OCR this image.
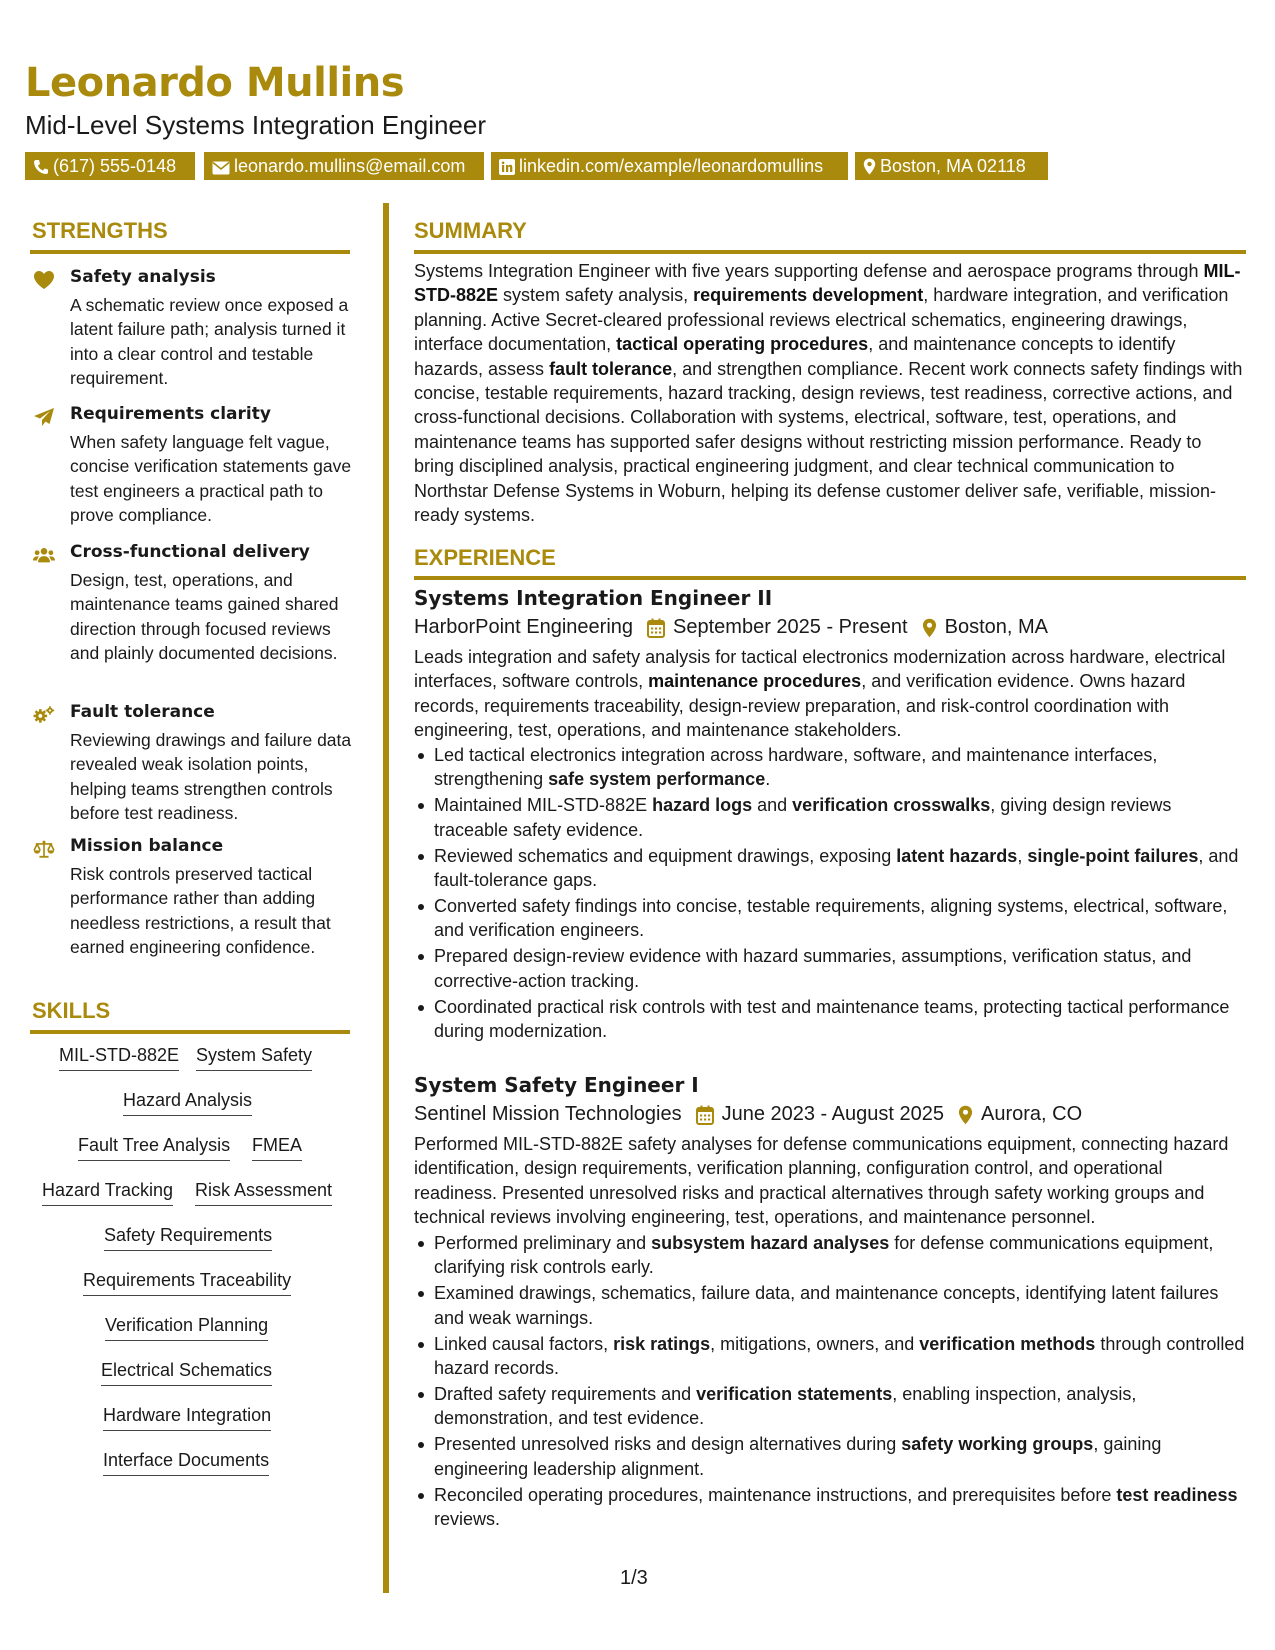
Leonardo Mullins
Mid-Level Systems Integration Engineer
(617) 555-0148	leonardo.mullins@email.com	linkedin.com/example/leonardomullins	Boston, MA 02118
STRENGTHS
Safety analysis
A schematic review once exposed a latent failure path; analysis turned it into a clear control and testable requirement.
Requirements clarity
When safety language felt vague, concise verification statements gave test engineers a practical path to prove compliance.
Cross-functional delivery
Design, test, operations, and maintenance teams gained shared direction through focused reviews and plainly documented decisions.
Fault tolerance
Reviewing drawings and failure data revealed weak isolation points, helping teams strengthen controls before test readiness.
Mission balance
Risk controls preserved tactical performance rather than adding needless restrictions, a result that earned engineering confidence.
SKILLS
MIL-STD-882E System Safety
Hazard Analysis
Fault Tree Analysis FMEA
Hazard Tracking Risk Assessment
Safety Requirements
Requirements Traceability
Verification Planning
Electrical Schematics
Hardware Integration
Interface Documents
SUMMARY
Systems Integration Engineer with five years supporting defense and aerospace programs through MIL-STD-882E system safety analysis, requirements development, hardware integration, and verification planning. Active Secret-cleared professional reviews electrical schematics, engineering drawings, interface documentation, tactical operating procedures, and maintenance concepts to identify hazards, assess fault tolerance, and strengthen compliance. Recent work connects safety findings with concise, testable requirements, hazard tracking, design reviews, test readiness, corrective actions, and cross-functional decisions. Collaboration with systems, electrical, software, test, operations, and maintenance teams has supported safer designs without restricting mission performance. Ready to bring disciplined analysis, practical engineering judgment, and clear technical communication to Northstar Defense Systems in Woburn, helping its defense customer deliver safe, verifiable, mission-ready systems.
EXPERIENCE
Systems Integration Engineer II
HarborPoint Engineering September 2025 - Present Boston, MA
Leads integration and safety analysis for tactical electronics modernization across hardware, electrical interfaces, software controls, maintenance procedures, and verification evidence. Owns hazard records, requirements traceability, design-review preparation, and risk-control coordination with engineering, test, operations, and maintenance stakeholders.
Led tactical electronics integration across hardware, software, and maintenance interfaces, strengthening safe system performance.
Maintained MIL-STD-882E hazard logs and verification crosswalks, giving design reviews traceable safety evidence.
Reviewed schematics and equipment drawings, exposing latent hazards, single-point failures, and fault-tolerance gaps.
Converted safety findings into concise, testable requirements, aligning systems, electrical, software, and verification engineers.
Prepared design-review evidence with hazard summaries, assumptions, verification status, and corrective-action tracking.
Coordinated practical risk controls with test and maintenance teams, protecting tactical performance during modernization.
System Safety Engineer I
Sentinel Mission Technologies June 2023 - August 2025 Aurora, CO
Performed MIL-STD-882E safety analyses for defense communications equipment, connecting hazard identification, design requirements, verification planning, configuration control, and operational readiness. Presented unresolved risks and practical alternatives through safety working groups and technical reviews involving engineering, test, operations, and maintenance personnel.
Performed preliminary and subsystem hazard analyses for defense communications equipment, clarifying risk controls early.
Examined drawings, schematics, failure data, and maintenance concepts, identifying latent failures and weak warnings.
Linked causal factors, risk ratings, mitigations, owners, and verification methods through controlled hazard records.
Drafted safety requirements and verification statements, enabling inspection, analysis, demonstration, and test evidence.
Presented unresolved risks and design alternatives during safety working groups, gaining engineering leadership alignment.
Reconciled operating procedures, maintenance instructions, and prerequisites before test readiness reviews.
1/3
